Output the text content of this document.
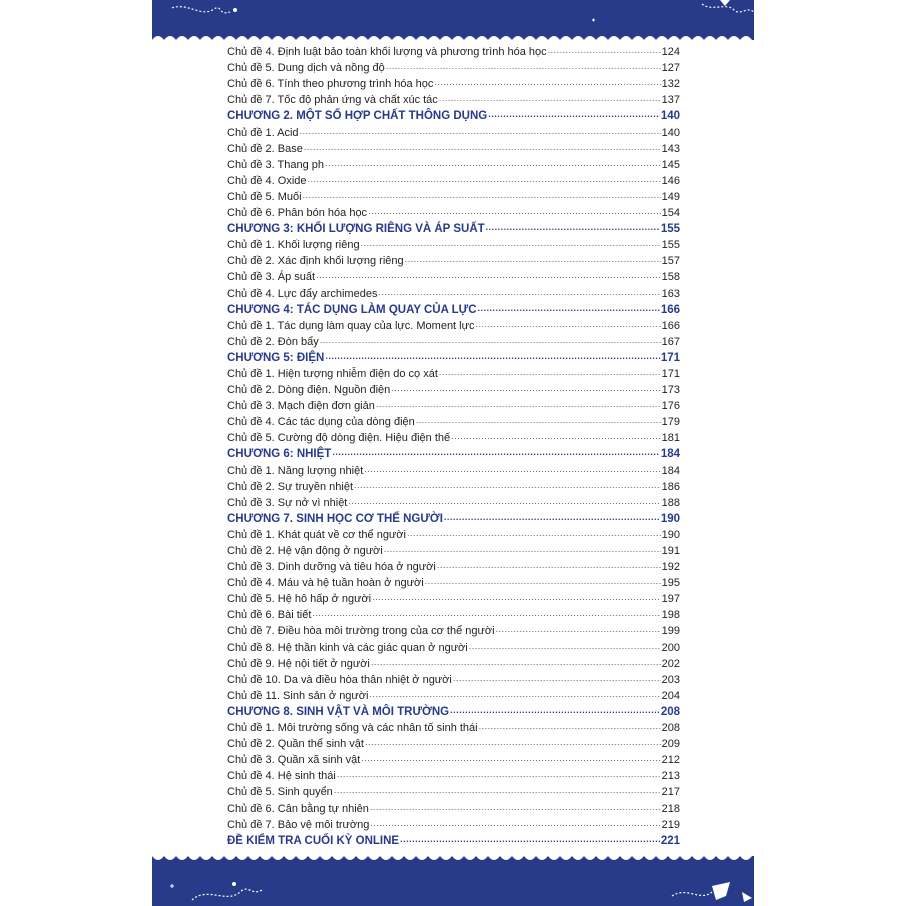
Chủ đề 4. Định luật bảo toàn khối lượng và phương trình hóa học .....	124
Chủ đề 5. Dung dịch và nồng độ .....	127
Chủ đề 6. Tính theo phương trình hóa học .....	132
Chủ đề 7. Tốc độ phản ứng và chất xúc tác .....	137
CHƯƠNG 2. MỘT SỐ HỢP CHẤT THÔNG DỤNG .....	140
Chủ đề 1. Acid .....	140
Chủ đề 2. Base .....	143
Chủ đề 3. Thang ph .....	145
Chủ đề 4. Oxide .....	146
Chủ đề 5. Muối .....	149
Chủ đề 6. Phân bón hóa học .....	154
CHƯƠNG 3: KHỐI LƯỢNG RIÊNG VÀ ÁP SUẤT .....	155
Chủ đề 1. Khối lượng riêng .....	155
Chủ đề 2. Xác định khối lượng riêng .....	157
Chủ đề 3. Áp suất .....	158
Chủ đề 4. Lực đẩy archimedes .....	163
CHƯƠNG 4: TÁC DỤNG LÀM QUAY CỦA LỰC .....	166
Chủ đề 1. Tác dụng làm quay của lực. Moment lực .....	166
Chủ đề 2. Đòn bẩy .....	167
CHƯƠNG 5: ĐIỆN .....	171
Chủ đề 1. Hiện tượng nhiễm điện do cọ xát .....	171
Chủ đề 2. Dòng điện. Nguồn điện .....	173
Chủ đề 3. Mạch điện đơn giản .....	176
Chủ đề 4. Các tác dụng của dòng điện .....	179
Chủ đề 5. Cường độ dòng điện. Hiệu điện thế .....	181
CHƯƠNG 6: NHIỆT .....	184
Chủ đề 1. Năng lượng nhiệt .....	184
Chủ đề 2. Sự truyền nhiệt .....	186
Chủ đề 3. Sự nở vì nhiệt .....	188
CHƯƠNG 7. SINH HỌC CƠ THỂ NGƯỜI .....	190
Chủ đề 1. Khát quát về cơ thể người .....	190
Chủ đề 2. Hệ vận động ở người .....	191
Chủ đề 3. Dinh dưỡng và tiêu hóa ở người .....	192
Chủ đề 4. Máu và hệ tuần hoàn ở người .....	195
Chủ đề 5. Hệ hô hấp ở người .....	197
Chủ đề 6. Bài tiết .....	198
Chủ đề 7. Điều hòa môi trường trong của cơ thể người .....	199
Chủ đề 8. Hệ thần kinh và các giác quan ở người .....	200
Chủ đề 9. Hệ nội tiết ở người .....	202
Chủ đề 10. Da và điều hòa thân nhiệt ở người .....	203
Chủ đề 11. Sinh sản ở người .....	204
CHƯƠNG 8. SINH VẬT VÀ MÔI TRƯỜNG .....	208
Chủ đề 1. Môi trường sống và các nhân tố sinh thái .....	208
Chủ đề 2. Quần thể sinh vật .....	209
Chủ đề 3. Quần xã sinh vật .....	212
Chủ đề 4. Hệ sinh thái .....	213
Chủ đề 5. Sinh quyển .....	217
Chủ đề 6. Cân bằng tự nhiên .....	218
Chủ đề 7. Bảo vệ môi trường .....	219
ĐỀ KIỂM TRA CUỐI KỲ ONLINE .....	221
